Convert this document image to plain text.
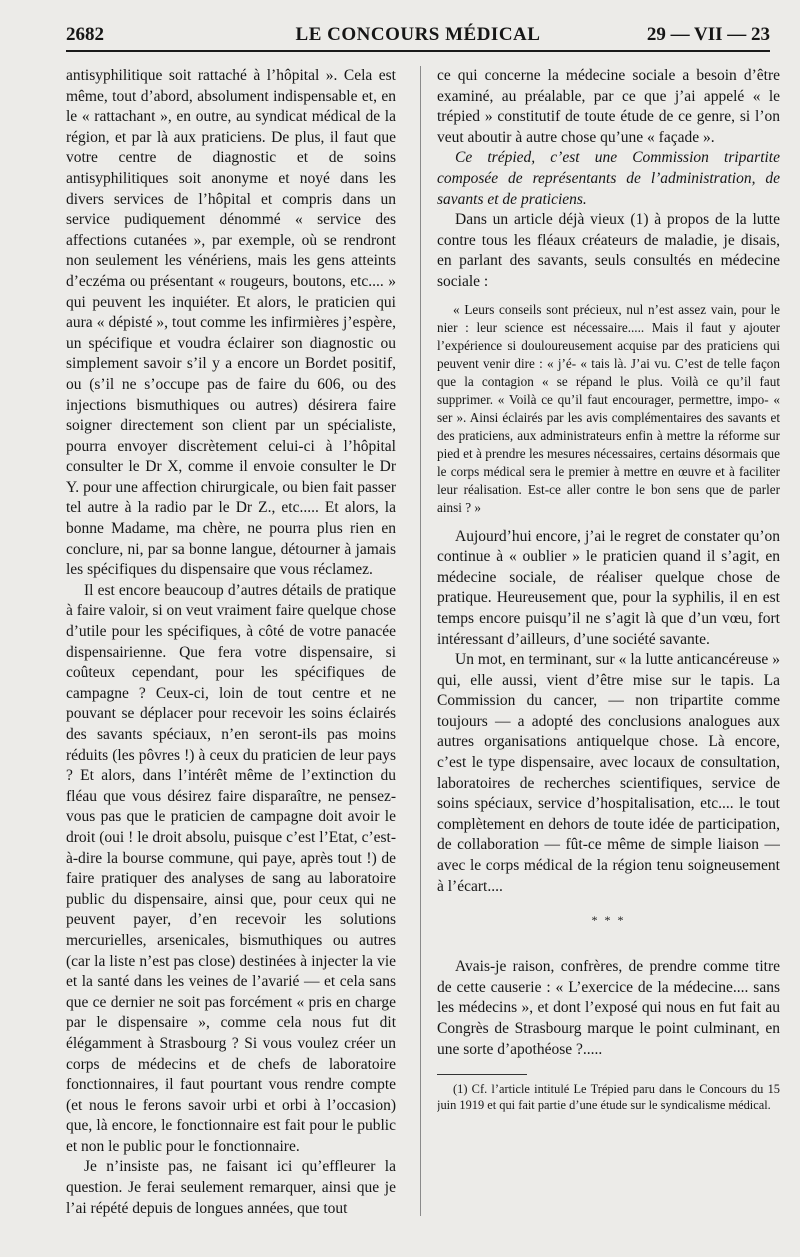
2682	LE CONCOURS MÉDICAL	29 — VII — 23

antisyphilitique soit rattaché à l’hôpital ». Cela est même, tout d’abord, absolument indispensable et, en le « rattachant », en outre, au syndicat médical de la région, et par là aux praticiens. De plus, il faut que votre centre de diagnostic et de soins antisyphilitiques soit anonyme et noyé dans les divers services de l’hôpital et compris dans un service pudiquement dénommé « service des affections cutanées », par exemple, où se rendront non seulement les vénériens, mais les gens atteints d’eczéma ou présentant « rougeurs, boutons, etc.... » qui peuvent les inquiéter. Et alors, le praticien qui aura « dépisté », tout comme les infirmières j’espère, un spécifique et voudra éclairer son diagnostic ou simplement savoir s’il y a encore un Bordet positif, ou (s’il ne s’occupe pas de faire du 606, ou des injections bismuthiques ou autres) désirera faire soigner directement son client par un spécialiste, pourra envoyer discrètement celui-ci à l’hôpital consulter le Dr X, comme il envoie consulter le Dr Y. pour une affection chirurgicale, ou bien fait passer tel autre à la radio par le Dr Z., etc..... Et alors, la bonne Madame, ma chère, ne pourra plus rien en conclure, ni, par sa bonne langue, détourner à jamais les spécifiques du dispensaire que vous réclamez.

Il est encore beaucoup d’autres détails de pratique à faire valoir, si on veut vraiment faire quelque chose d’utile pour les spécifiques, à côté de votre panacée dispensairienne. Que fera votre dispensaire, si coûteux cependant, pour les spécifiques de campagne ? Ceux-ci, loin de tout centre et ne pouvant se déplacer pour recevoir les soins éclairés des savants spéciaux, n’en seront-ils pas moins réduits (les pôvres !) à ceux du praticien de leur pays ? Et alors, dans l’intérêt même de l’extinction du fléau que vous désirez faire disparaître, ne pensez-vous pas que le praticien de campagne doit avoir le droit (oui ! le droit absolu, puisque c’est l’Etat, c’est-à-dire la bourse commune, qui paye, après tout !) de faire pratiquer des analyses de sang au laboratoire public du dispensaire, ainsi que, pour ceux qui ne peuvent payer, d’en recevoir les solutions mercurielles, arsenicales, bismuthiques ou autres (car la liste n’est pas close) destinées à injecter la vie et la santé dans les veines de l’avarié — et cela sans que ce dernier ne soit pas forcément « pris en charge par le dispensaire », comme cela nous fut dit élégamment à Strasbourg ? Si vous voulez créer un corps de médecins et de chefs de laboratoire fonctionnaires, il faut pourtant vous rendre compte (et nous le ferons savoir urbi et orbi à l’occasion) que, là encore, le fonctionnaire est fait pour le public et non le public pour le fonctionnaire.

Je n’insiste pas, ne faisant ici qu’effleurer la question. Je ferai seulement remarquer, ainsi que je l’ai répété depuis de longues années, que tout

ce qui concerne la médecine sociale a besoin d’être examiné, au préalable, par ce que j’ai appelé « le trépied » constitutif de toute étude de ce genre, si l’on veut aboutir à autre chose qu’une « façade ».

Ce trépied, c’est une Commission tripartite composée de représentants de l’administration, de savants et de praticiens.

Dans un article déjà vieux (1) à propos de la lutte contre tous les fléaux créateurs de maladie, je disais, en parlant des savants, seuls consultés en médecine sociale :

« Leurs conseils sont précieux, nul n’est assez vain, pour le nier : leur science est nécessaire..... Mais il faut y ajouter l’expérience si douloureusement acquise par des praticiens qui peuvent venir dire : « j’é- « tais là. J’ai vu. C’est de telle façon que la contagion « se répand le plus. Voilà ce qu’il faut supprimer. « Voilà ce qu’il faut encourager, permettre, impo- « ser ». Ainsi éclairés par les avis complémentaires des savants et des praticiens, aux administrateurs enfin à mettre la réforme sur pied et à prendre les mesures nécessaires, certains désormais que le corps médical sera le premier à mettre en œuvre et à faciliter leur réalisation. Est-ce aller contre le bon sens que de parler ainsi ? »

Aujourd’hui encore, j’ai le regret de constater qu’on continue à « oublier » le praticien quand il s’agit, en médecine sociale, de réaliser quelque chose de pratique. Heureusement que, pour la syphilis, il en est temps encore puisqu’il ne s’agit là que d’un vœu, fort intéressant d’ailleurs, d’une société savante.

Un mot, en terminant, sur « la lutte anticancéreuse » qui, elle aussi, vient d’être mise sur le tapis. La Commission du cancer, — non tripartite comme toujours — a adopté des conclusions analogues aux autres organisations antiquelque chose. Là encore, c’est le type dispensaire, avec locaux de consultation, laboratoires de recherches scientifiques, service de soins spéciaux, service d’hospitalisation, etc.... le tout complètement en dehors de toute idée de participation, de collaboration — fût-ce même de simple liaison — avec le corps médical de la région tenu soigneusement à l’écart....

* * *

Avais-je raison, confrères, de prendre comme titre de cette causerie : « L’exercice de la médecine.... sans les médecins », et dont l’exposé qui nous en fut fait au Congrès de Strasbourg marque le point culminant, en une sorte d’apothéose ?.....

(1) Cf. l’article intitulé Le Trépied paru dans le Concours du 15 juin 1919 et qui fait partie d’une étude sur le syndicalisme médical.
